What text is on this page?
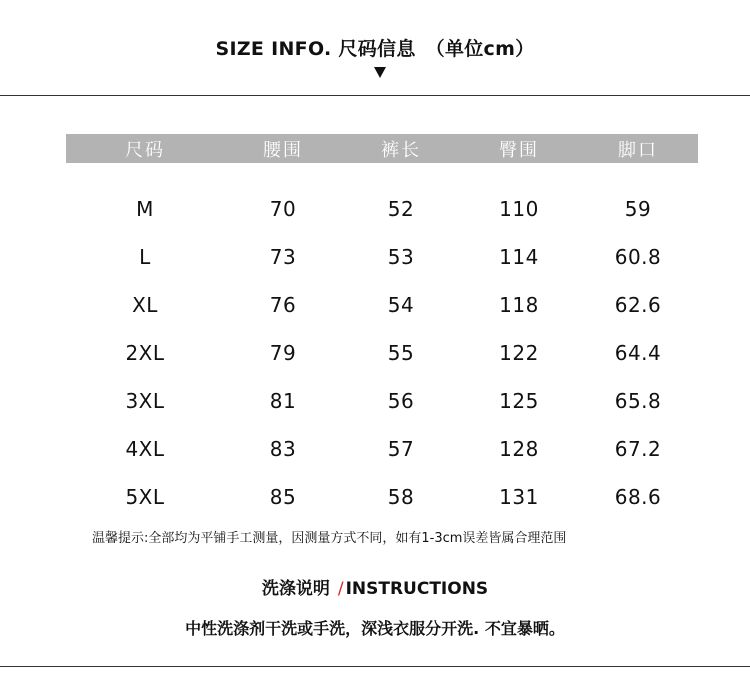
SIZE INFO. 尺码信息 （单位cm）
尺码	腰围	裤长	臀围	脚口

M	70	52	110	59
L	73	53	114	60.8
XL	76	54	118	62.6
2XL	79	55	122	64.4
3XL	81	56	125	65.8
4XL	83	57	128	67.2
5XL	85	58	131	68.6
温馨提示:全部均为平铺手工测量，因测量方式不同，如有1-3cm误差皆属合理范围
洗涤说明 / INSTRUCTIONS
中性洗涤剂干洗或手洗，深浅衣服分开洗. 不宜暴晒。
